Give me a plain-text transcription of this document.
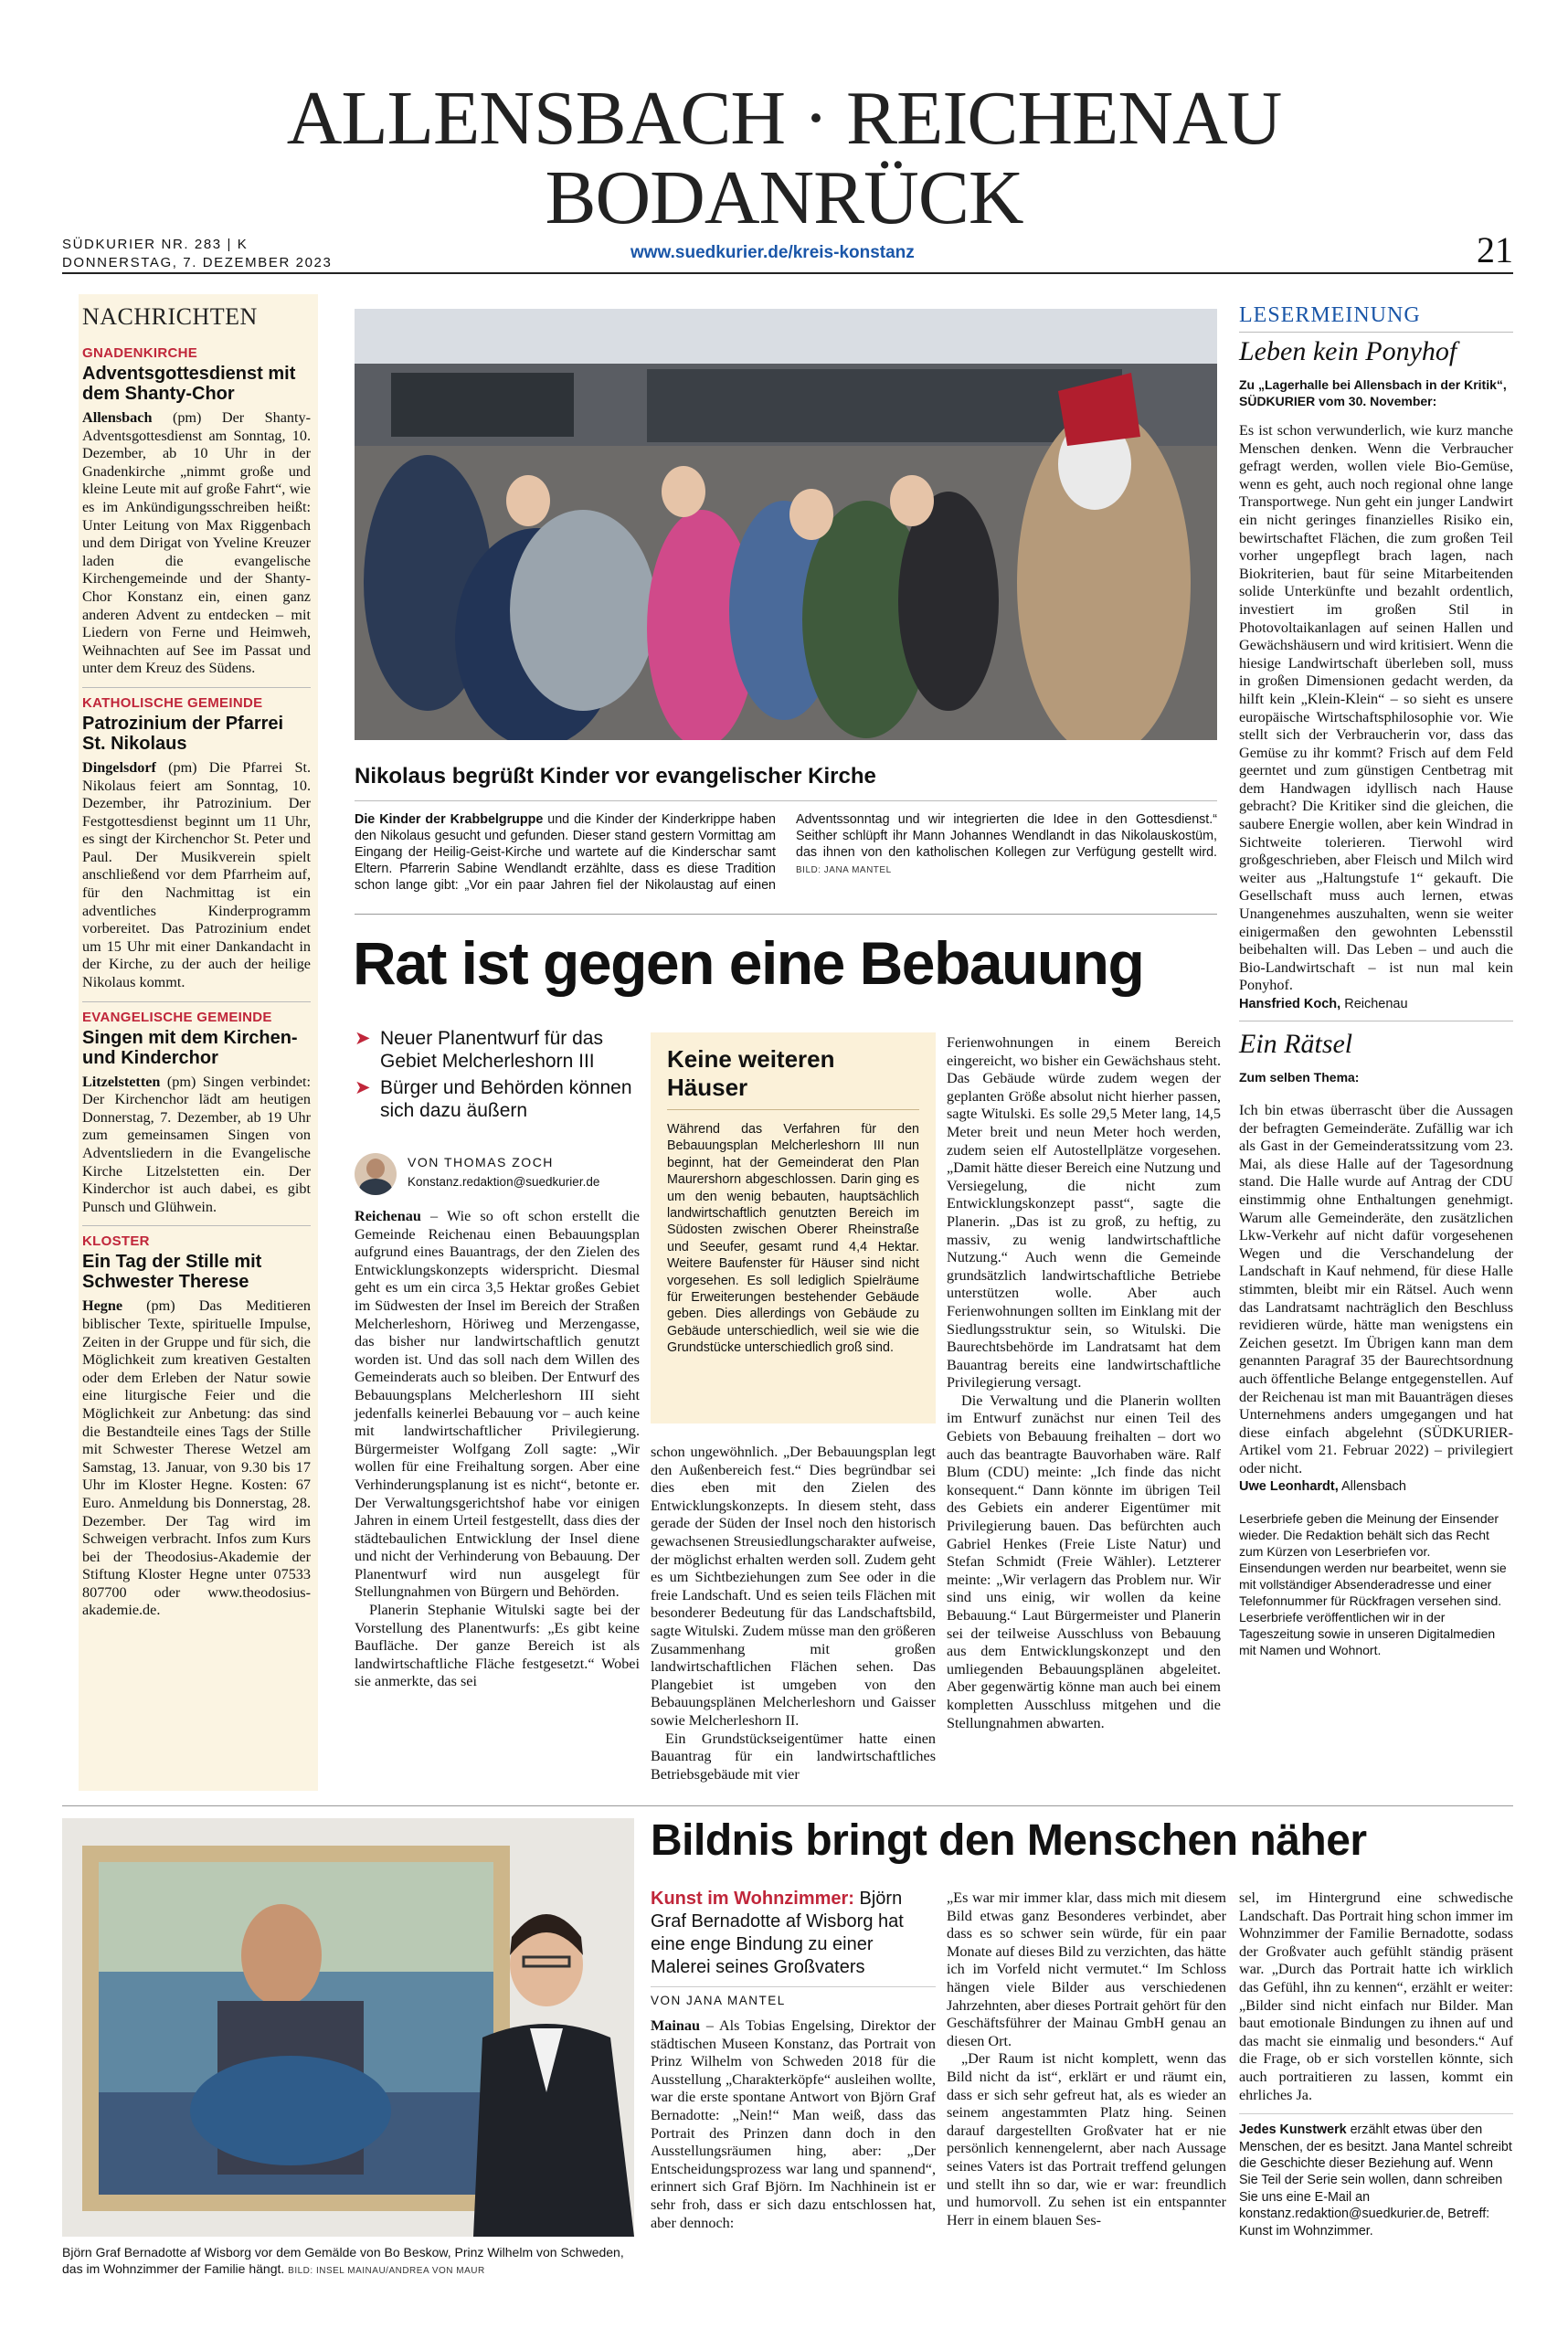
ALLENSBACH · REICHENAU
BODANRÜCK
SÜDKURIER NR. 283 | K
DONNERSTAG, 7. DEZEMBER 2023
www.suedkurier.de/kreis-konstanz	21
NACHRICHTEN
GNADENKIRCHE
Adventsgottesdienst mit dem Shanty-Chor

Allensbach (pm) Der Shanty-Adventsgottesdienst am Sonntag, 10. Dezember, ab 10 Uhr in der Gnadenkirche „nimmt große und kleine Leute mit auf große Fahrt“, wie es im Ankündigungsschreiben heißt: Unter Leitung von Max Riggenbach und dem Dirigat von Yveline Kreuzer laden die evangelische Kirchengemeinde und der Shanty-Chor Konstanz ein, einen ganz anderen Advent zu entdecken – mit Liedern von Ferne und Heimweh, Weihnachten auf See im Passat und unter dem Kreuz des Südens.

KATHOLISCHE GEMEINDE
Patrozinium der Pfarrei St. Nikolaus

Dingelsdorf (pm) Die Pfarrei St. Nikolaus feiert am Sonntag, 10. Dezember, ihr Patrozinium. Der Festgottesdienst beginnt um 11 Uhr, es singt der Kirchenchor St. Peter und Paul. Der Musikverein spielt anschließend vor dem Pfarrheim auf, für den Nachmittag ist ein adventliches Kinderprogramm vorbereitet. Das Patrozinium endet um 15 Uhr mit einer Dankandacht in der Kirche, zu der auch der heilige Nikolaus kommt.

EVANGELISCHE GEMEINDE
Singen mit dem Kirchen- und Kinderchor

Litzelstetten (pm) Singen verbindet: Der Kirchenchor lädt am heutigen Donnerstag, 7. Dezember, ab 19 Uhr zum gemeinsamen Singen von Adventsliedern in die Evangelische Kirche Litzelstetten ein. Der Kinderchor ist auch dabei, es gibt Punsch und Glühwein.

KLOSTER
Ein Tag der Stille mit Schwester Therese

Hegne (pm) Das Meditieren biblischer Texte, spirituelle Impulse, Zeiten in der Gruppe und für sich, die Möglichkeit zum kreativen Gestalten oder dem Erleben der Natur sowie eine liturgische Feier und die Möglichkeit zur Anbetung: das sind die Bestandteile eines Tags der Stille mit Schwester Therese Wetzel am Samstag, 13. Januar, von 9.30 bis 17 Uhr im Kloster Hegne. Kosten: 67 Euro. Anmeldung bis Donnerstag, 28. Dezember. Der Tag wird im Schweigen verbracht. Infos zum Kurs bei der Theodosius-Akademie der Stiftung Kloster Hegne unter 07533 807700 oder www.theodosius-akademie.de.

Nikolaus begrüßt Kinder vor evangelischer Kirche
Die Kinder der Krabbelgruppe und die Kinder der Kinderkrippe haben den Nikolaus gesucht und gefunden. Dieser stand gestern Vormittag am Eingang der Heilig-Geist-Kirche und wartete auf die Kinderschar samt Eltern. Pfarrerin Sabine Wendlandt erzählte, dass es diese Tradition schon lange gibt: „Vor ein paar Jahren fiel der Nikolaustag auf einen Adventssonntag und wir integrierten die Idee in den Gottesdienst.“ Seither schlüpft ihr Mann Johannes Wendlandt in das Nikolauskostüm, das ihnen von den katholischen Kollegen zur Verfügung gestellt wird. BILD: JANA MANTEL
Rat ist gegen eine Bebauung
➤ Neuer Planentwurf für das Gebiet Melcherleshorn III
➤ Bürger und Behörden können sich dazu äußern
VON THOMAS ZOCH
Konstanz.redaktion@suedkurier.de

Reichenau – Wie so oft schon erstellt die Gemeinde Reichenau einen Bebauungsplan aufgrund eines Bauantrags, der den Zielen des Entwicklungskonzepts widerspricht. Diesmal geht es um ein circa 3,5 Hektar großes Gebiet im Südwesten der Insel im Bereich der Straßen Melcherleshorn, Höriweg und Merzengasse, das bisher nur landwirtschaftlich genutzt worden ist. Und das soll nach dem Willen des Gemeinderats auch so bleiben. Der Entwurf des Bebauungsplans Melcherleshorn III sieht jedenfalls keinerlei Bebauung vor – auch keine mit landwirtschaftlicher Privilegierung. Bürgermeister Wolfgang Zoll sagte: „Wir wollen für eine Freihaltung sorgen. Aber eine Verhinderungsplanung ist es nicht“, betonte er. Der Verwaltungsgerichtshof habe vor einigen Jahren in einem Urteil festgestellt, dass dies der städtebaulichen Entwicklung der Insel diene und nicht der Verhinderung von Bebauung. Der Planentwurf wird nun ausgelegt für Stellungnahmen von Bürgern und Behörden.

Planerin Stephanie Witulski sagte bei der Vorstellung des Planentwurfs: „Es gibt keine Baufläche. Der ganze Bereich ist als landwirtschaftliche Fläche festgesetzt.“ Wobei sie anmerkte, das sei

Keine weiteren Häuser
Während das Verfahren für den Bebauungsplan Melcherleshorn III nun beginnt, hat der Gemeinderat den Plan Maurershorn abgeschlossen. Darin ging es um den wenig bebauten, hauptsächlich landwirtschaftlich genutzten Bereich im Südosten zwischen Oberer Rheinstraße und Seeufer, gesamt rund 4,4 Hektar. Weitere Baufenster für Häuser sind nicht vorgesehen. Es soll lediglich Spielräume für Erweiterungen bestehender Gebäude geben. Dies allerdings von Gebäude zu Gebäude unterschiedlich, weil sie wie die Grundstücke unterschiedlich groß sind.

schon ungewöhnlich. „Der Bebauungsplan legt den Außenbereich fest.“ Dies begründbar sei dies eben mit den Zielen des Entwicklungskonzepts. In diesem steht, dass gerade der Süden der Insel noch den historisch gewachsenen Streusiedlungscharakter aufweise, der möglichst erhalten werden soll. Zudem geht es um Sichtbeziehungen zum See oder in die freie Landschaft. Und es seien teils Flächen mit besonderer Bedeutung für das Landschaftsbild, sagte Witulski. Zudem müsse man den größeren Zusammenhang mit großen landwirtschaftlichen Flächen sehen. Das Plangebiet ist umgeben von den Bebauungsplänen Melcherleshorn und Gaisser sowie Melcherleshorn II.

Ein Grundstückseigentümer hatte einen Bauantrag für ein landwirtschaftliches Betriebsgebäude mit vier

Ferienwohnungen in einem Bereich eingereicht, wo bisher ein Gewächshaus steht. Das Gebäude würde zudem wegen der geplanten Größe absolut nicht hierher passen, sagte Witulski. Es solle 29,5 Meter lang, 14,5 Meter breit und neun Meter hoch werden, zudem seien elf Autostellplätze vorgesehen. „Damit hätte dieser Bereich eine Nutzung und Versiegelung, die nicht zum Entwicklungskonzept passt“, sagte die Planerin. „Das ist zu groß, zu heftig, zu massiv, zu wenig landwirtschaftliche Nutzung.“ Auch wenn die Gemeinde grundsätzlich landwirtschaftliche Betriebe unterstützen wolle. Aber auch Ferienwohnungen sollten im Einklang mit der Siedlungsstruktur sein, so Witulski. Die Baurechtsbehörde im Landratsamt hat dem Bauantrag bereits eine landwirtschaftliche Privilegierung versagt.

Die Verwaltung und die Planerin wollten im Entwurf zunächst nur einen Teil des Gebiets von Bebauung freihalten – dort wo auch das beantragte Bauvorhaben wäre. Ralf Blum (CDU) meinte: „Ich finde das nicht konsequent.“ Dann könnte im übrigen Teil des Gebiets ein anderer Eigentümer mit Privilegierung bauen. Das befürchten auch Gabriel Henkes (Freie Liste Natur) und Stefan Schmidt (Freie Wähler). Letzterer meinte: „Wir verlagern das Problem nur. Wir sind uns einig, wir wollen da keine Bebauung.“ Laut Bürgermeister und Planerin sei der teilweise Ausschluss von Bebauung aus dem Entwicklungskonzept und den umliegenden Bebauungsplänen abgeleitet. Aber gegenwärtig könne man auch bei einem kompletten Ausschluss mitgehen und die Stellungnahmen abwarten.

LESERMEINUNG
Leben kein Ponyhof

Zu „Lagerhalle bei Allensbach in der Kritik“, SÜDKURIER vom 30. November:

Es ist schon verwunderlich, wie kurz manche Menschen denken. Wenn die Verbraucher gefragt werden, wollen viele Bio-Gemüse, wenn es geht, auch noch regional ohne lange Transportwege. Nun geht ein junger Landwirt ein nicht geringes finanzielles Risiko ein, bewirtschaftet Flächen, die zum großen Teil vorher ungepflegt brach lagen, nach Biokriterien, baut für seine Mitarbeitenden solide Unterkünfte und bezahlt ordentlich, investiert im großen Stil in Photovoltaikanlagen auf seinen Hallen und Gewächshäusern und wird kritisiert. Wenn die hiesige Landwirtschaft überleben soll, muss in großen Dimensionen gedacht werden, da hilft kein „Klein-Klein“ – so sieht es unsere europäische Wirtschaftsphilosophie vor. Wie stellt sich der Verbraucherin vor, dass das Gemüse zu ihr kommt? Frisch auf dem Feld geerntet und zum günstigen Centbetrag mit dem Handwagen idyllisch nach Hause gebracht? Die Kritiker sind die gleichen, die saubere Energie wollen, aber kein Windrad in Sichtweite tolerieren. Tierwohl wird großgeschrieben, aber Fleisch und Milch wird weiter aus „Haltungstufe 1“ gekauft. Die Gesellschaft muss auch lernen, etwas Unangenehmes auszuhalten, wenn sie weiter einigermaßen den gewohnten Lebensstil beibehalten will. Das Leben – und auch die Bio-Landwirtschaft – ist nun mal kein Ponyhof.

Hansfried Koch, Reichenau

Ein Rätsel

Zum selben Thema:

Ich bin etwas überrascht über die Aussagen der befragten Gemeinderäte. Zufällig war ich als Gast in der Gemeinderatssitzung vom 23. Mai, als diese Halle auf der Tagesordnung stand. Die Halle wurde auf Antrag der CDU einstimmig ohne Enthaltungen genehmigt. Warum alle Gemeinderäte, den zusätzlichen Lkw-Verkehr auf nicht dafür vorgesehenen Wegen und die Verschandelung der Landschaft in Kauf nehmend, für diese Halle stimmten, bleibt mir ein Rätsel. Auch wenn das Landratsamt nachträglich den Beschluss revidieren würde, hätte man wenigstens ein Zeichen gesetzt. Im Übrigen kann man dem genannten Paragraf 35 der Baurechtsordnung auch öffentliche Belange entgegenstellen. Auf der Reichenau ist man mit Bauanträgen dieses Unternehmens anders umgegangen und hat diese einfach abgelehnt (SÜDKURIER-Artikel vom 21. Februar 2022) – privilegiert oder nicht.

Uwe Leonhardt, Allensbach

Leserbriefe geben die Meinung der Einsender wieder. Die Redaktion behält sich das Recht zum Kürzen von Leserbriefen vor. Einsendungen werden nur bearbeitet, wenn sie mit vollständiger Absenderadresse und einer Telefonnummer für Rückfragen versehen sind. Leserbriefe veröffentlichen wir in der Tageszeitung sowie in unseren Digitalmedien mit Namen und Wohnort.

Björn Graf Bernadotte af Wisborg vor dem Gemälde von Bo Beskow, Prinz Wilhelm von Schweden, das im Wohnzimmer der Familie hängt. BILD: INSEL MAINAU/ANDREA VON MAUR
Bildnis bringt den Menschen näher
Kunst im Wohnzimmer: Björn Graf Bernadotte af Wisborg hat eine enge Bindung zu einer Malerei seines Großvaters
VON JANA MANTEL

Mainau – Als Tobias Engelsing, Direktor der städtischen Museen Konstanz, das Portrait von Prinz Wilhelm von Schweden 2018 für die Ausstellung „Charakterköpfe“ ausleihen wollte, war die erste spontane Antwort von Björn Graf Bernadotte: „Nein!“ Man weiß, dass das Portrait des Prinzen dann doch in den Ausstellungsräumen hing, aber: „Der Entscheidungsprozess war lang und spannend“, erinnert sich Graf Björn. Im Nachhinein ist er sehr froh, dass er sich dazu entschlossen hat, aber dennoch:

„Es war mir immer klar, dass mich mit diesem Bild etwas ganz Besonderes verbindet, aber dass es so schwer sein würde, für ein paar Monate auf dieses Bild zu verzichten, das hätte ich im Vorfeld nicht vermutet.“ Im Schloss hängen viele Bilder aus verschiedenen Jahrzehnten, aber dieses Portrait gehört für den Geschäftsführer der Mainau GmbH genau an diesen Ort.

„Der Raum ist nicht komplett, wenn das Bild nicht da ist“, erklärt er und räumt ein, dass er sich sehr gefreut hat, als es wieder an seinem angestammten Platz hing. Seinen darauf dargestellten Großvater hat er nie persönlich kennengelernt, aber nach Aussage seines Vaters ist das Portrait treffend gelungen und stellt ihn so dar, wie er war: freundlich und humorvoll. Zu sehen ist ein entspannter Herr in einem blauen Ses-

sel, im Hintergrund eine schwedische Landschaft. Das Portrait hing schon immer im Wohnzimmer der Familie Bernadotte, sodass der Großvater auch gefühlt ständig präsent war. „Durch das Portrait hatte ich wirklich das Gefühl, ihn zu kennen“, erzählt er weiter: „Bilder sind nicht einfach nur Bilder. Man baut emotionale Bindungen zu ihnen auf und das macht sie einmalig und besonders.“ Auf die Frage, ob er sich vorstellen könnte, sich auch portraitieren zu lassen, kommt ein ehrliches Ja.

Jedes Kunstwerk erzählt etwas über den Menschen, der es besitzt. Jana Mantel schreibt die Geschichte dieser Beziehung auf. Wenn Sie Teil der Serie sein wollen, dann schreiben Sie uns eine E-Mail an konstanz.redaktion@suedkurier.de, Betreff: Kunst im Wohnzimmer.
